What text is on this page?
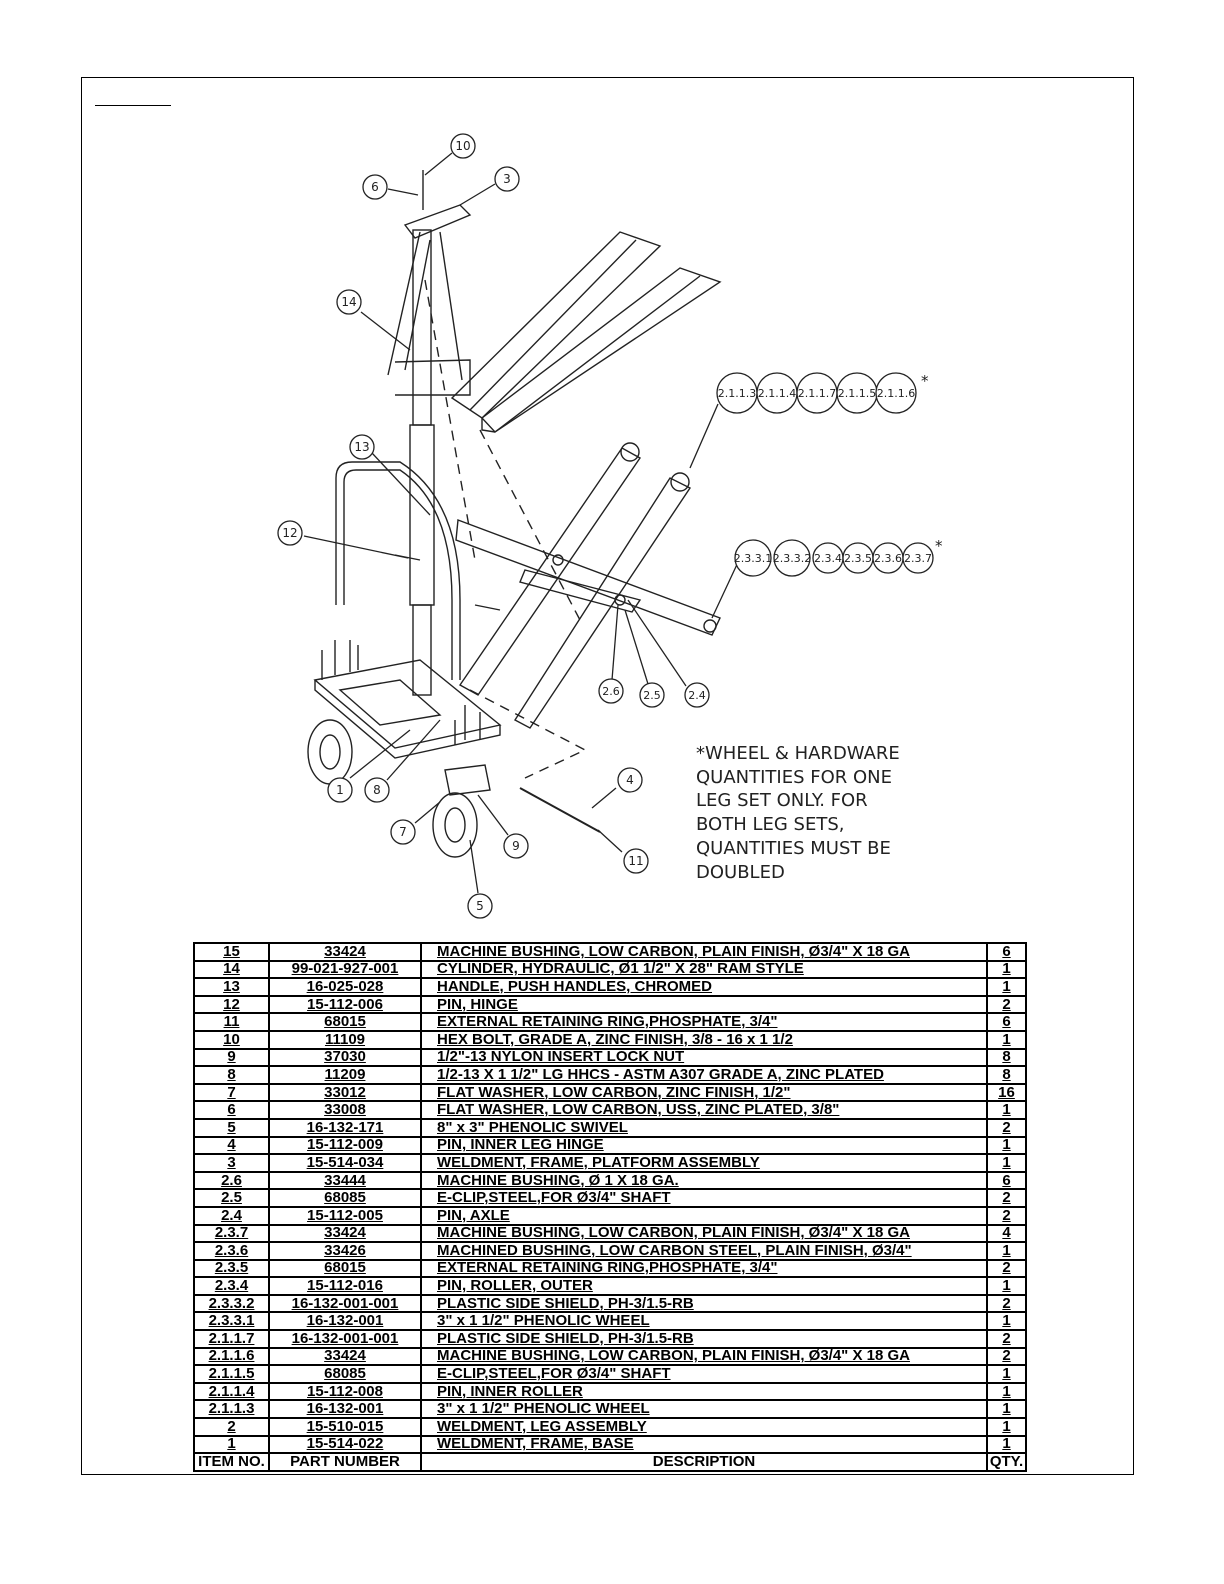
10
6
3
14
13
12
1 8
7
9
5
4
11
2.6 2.5	2.4
2.1.1.3 2.1.1.4 2.1.1.7 2.1.1.5 2.1.1.6
*
2.3.3.1 2.3.3.2 2.3.4 2.3.5 2.3.6 2.3.7
*
*WHEEL & HARDWARE
QUANTITIES FOR ONE
LEG SET ONLY. FOR
BOTH LEG SETS,
QUANTITIES MUST BE
DOUBLED
15	33424	MACHINE BUSHING, LOW CARBON, PLAIN FINISH, Ø3/4" X 18 GA	6
14	99-021-927-001	CYLINDER, HYDRAULIC, Ø1 1/2" X 28" RAM STYLE	1
13	16-025-028	HANDLE, PUSH HANDLES, CHROMED	1
12	15-112-006	PIN, HINGE	2
11	68015	EXTERNAL RETAINING RING,PHOSPHATE, 3/4"	6
10	11109	HEX BOLT, GRADE A, ZINC FINISH, 3/8 - 16 x 1 1/2	1
9	37030	1/2"-13 NYLON INSERT LOCK NUT	8
8	11209	1/2-13 X 1 1/2" LG HHCS - ASTM A307 GRADE A, ZINC PLATED	8
7	33012	FLAT WASHER, LOW CARBON, ZINC FINISH, 1/2"	16
6	33008	FLAT WASHER, LOW CARBON, USS, ZINC PLATED, 3/8"	1
5	16-132-171	8" x 3" PHENOLIC SWIVEL	2
4	15-112-009	PIN, INNER LEG HINGE	1
3	15-514-034	WELDMENT, FRAME, PLATFORM ASSEMBLY	1
2.6	33444	MACHINE BUSHING, Ø 1 X 18 GA.	6
2.5	68085	E-CLIP,STEEL,FOR Ø3/4" SHAFT	2
2.4	15-112-005	PIN, AXLE	2
2.3.7	33424	MACHINE BUSHING, LOW CARBON, PLAIN FINISH, Ø3/4" X 18 GA	4
2.3.6	33426	MACHINED BUSHING, LOW CARBON STEEL, PLAIN FINISH, Ø3/4"	1
2.3.5	68015	EXTERNAL RETAINING RING,PHOSPHATE, 3/4"	2
2.3.4	15-112-016	PIN, ROLLER, OUTER	1
2.3.3.2	16-132-001-001	PLASTIC SIDE SHIELD, PH-3/1.5-RB	2
2.3.3.1	16-132-001	3" x 1 1/2" PHENOLIC WHEEL	1
2.1.1.7	16-132-001-001	PLASTIC SIDE SHIELD, PH-3/1.5-RB	2
2.1.1.6	33424	MACHINE BUSHING, LOW CARBON, PLAIN FINISH, Ø3/4" X 18 GA	2
2.1.1.5	68085	E-CLIP,STEEL,FOR Ø3/4" SHAFT	1
2.1.1.4	15-112-008	PIN, INNER ROLLER	1
2.1.1.3	16-132-001	3" x 1 1/2" PHENOLIC WHEEL	1
2	15-510-015	WELDMENT, LEG ASSEMBLY	1
1	15-514-022	WELDMENT, FRAME, BASE	1
ITEM NO.	PART NUMBER	DESCRIPTION	QTY.
